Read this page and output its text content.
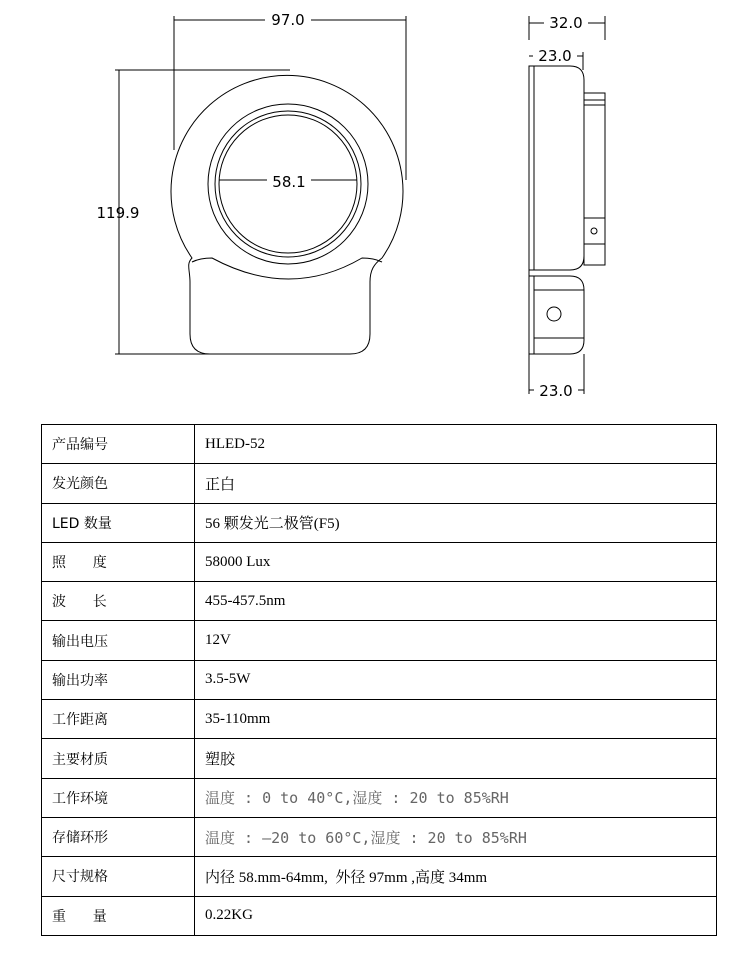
97.0
119.9
58.1
32.0
23.0
23.0
产品编号	HLED-52
发光颜色	正白
LED 数量	56 颗发光二极管(F5)
照      度	58000 Lux
波      长	455-457.5nm
输出电压	12V
输出功率	3.5-5W
工作距离	35-110mm
主要材质	塑胶
工作环境	温度 : 0 to 40°C,湿度 : 20 to 85%RH
存储环形	温度 : —20 to 60°C,湿度 : 20 to 85%RH
尺寸规格	内径 58.mm-64mm,  外径 97mm ,高度 34mm
重      量	0.22KG
